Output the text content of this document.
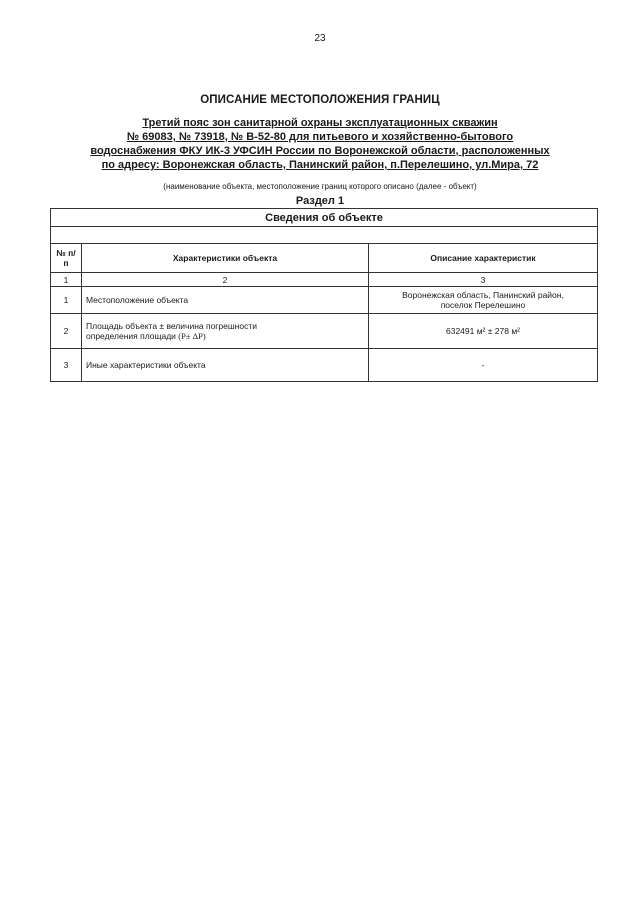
23
ОПИСАНИЕ МЕСТОПОЛОЖЕНИЯ ГРАНИЦ
Третий пояс зон санитарной охраны эксплуатационных скважин
№ 69083, № 73918, № В-52-80 для питьевого и хозяйственно-бытового
водоснабжения ФКУ ИК-3 УФСИН России по Воронежской области, расположенных
по адресу: Воронежская область, Панинский район, п.Перелешино, ул.Мира, 72
(наименование объекта, местоположение границ которого описано (далее - объект)
Раздел 1
Сведения об объекте		

№ п/п	Характеристики объекта	Описание характеристик
1	2	3
1	Местоположение объекта	Воронежская область, Панинский район,
поселок Перелешино

2	Площадь объекта ± величина погрешности
определения площади (P± ΔP)	632491 м² ± 278 м²
3	Иные характеристики объекта	-
